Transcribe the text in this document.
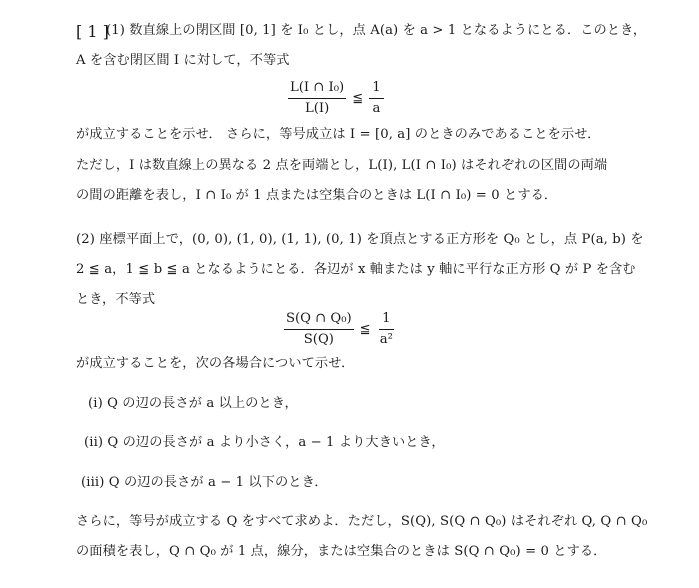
[ 1 ]
(1) 数直線上の閉区間 [0, 1] を I₀ とし，点 A(a) を a > 1 となるようにとる．このとき，
A を含む閉区間 I に対して，不等式
$\frac{\text{L(I ∩ I₀)}}{L(I)}$ ≦ $\frac{1}{a}$
が成立することを示せ． さらに，等号成立は I = [0, a] のときのみであることを示せ．
ただし，I は数直線上の異なる 2 点を両端とし，L(I), L(I ∩ I₀) はそれぞれの区間の両端
の間の距離を表し，I ∩ I₀ が 1 点または空集合のときは L(I ∩ I₀) = 0 とする．
(2) 座標平面上で，(0, 0), (1, 0), (1, 1), (0, 1) を頂点とする正方形を Q₀ とし，点 P(a, b) を
2 ≦ a，1 ≦ b ≦ a となるようにとる．各辺が x 軸または y 軸に平行な正方形 Q が P を含む
とき，不等式
$\frac{\text{S(Q ∩ Q₀)}}{S(Q)}$ ≦ $\frac{1}{\text{a²}}$
が成立することを，次の各場合について示せ．
(i) Q の辺の長さが a 以上のとき，
(ii) Q の辺の長さが a より小さく，a − 1 より大きいとき，
(iii) Q の辺の長さが a − 1 以下のとき．
さらに，等号が成立する Q をすべて求めよ．ただし，S(Q), S(Q ∩ Q₀) はそれぞれ Q, Q ∩ Q₀
の面積を表し，Q ∩ Q₀ が 1 点，線分，または空集合のときは S(Q ∩ Q₀) = 0 とする．
